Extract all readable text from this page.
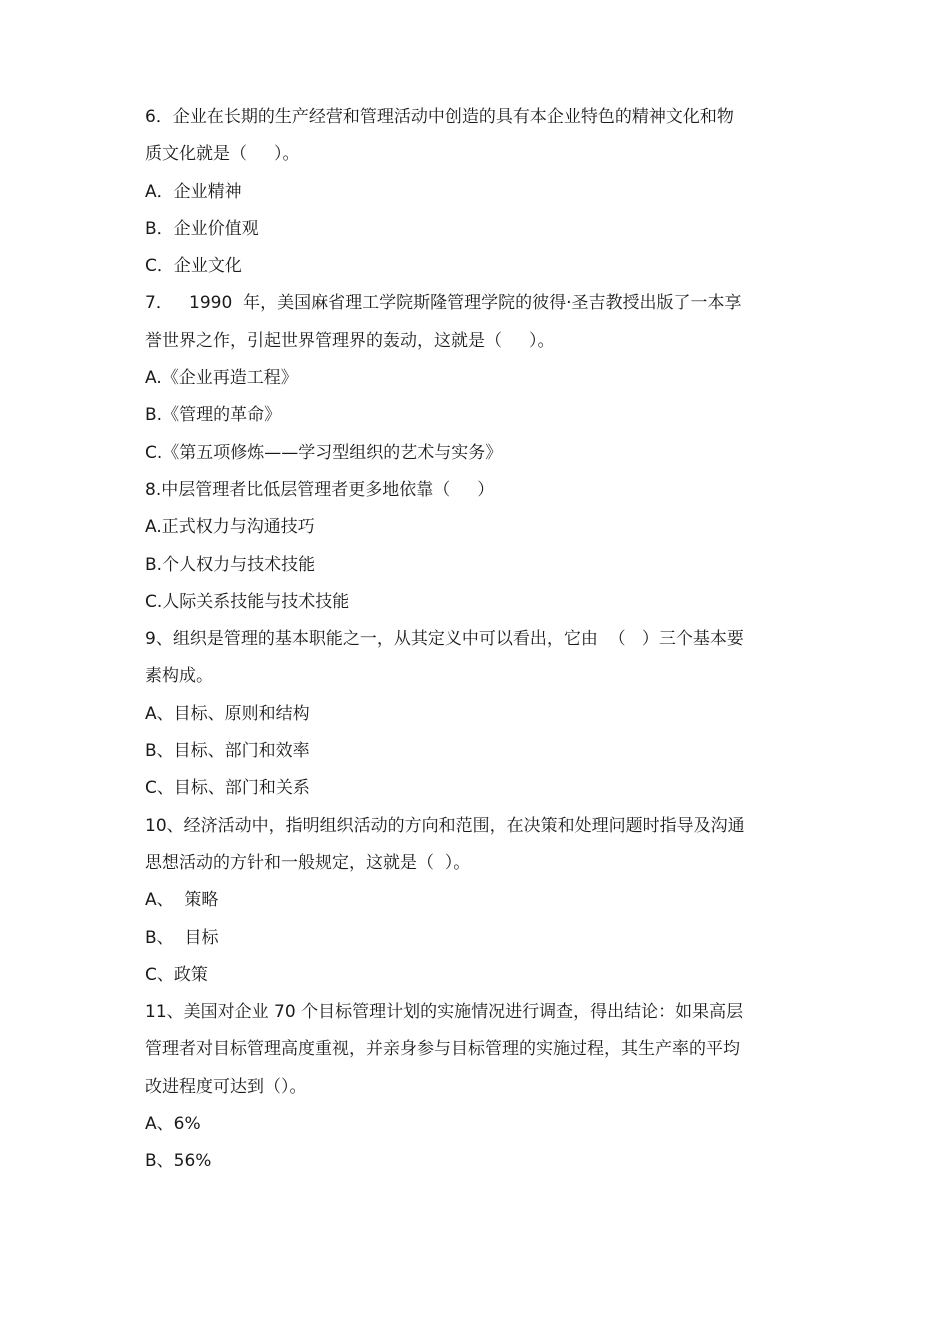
6．企业在长期的生产经营和管理活动中创造的具有本企业特色的精神文化和物
质文化就是（     ）。
A．企业精神
B．企业价值观
C．企业文化
7．   1990  年，美国麻省理工学院斯隆管理学院的彼得·圣吉教授出版了一本享
誉世界之作，引起世界管理界的轰动，这就是（     ）。
A.《企业再造工程》
B.《管理的革命》
C.《第五项修炼——学习型组织的艺术与实务》
8.中层管理者比低层管理者更多地依靠（     ）
A.正式权力与沟通技巧
B.个人权力与技术技能
C.人际关系技能与技术技能
9、组织是管理的基本职能之一，从其定义中可以看出，它由  （   ）三个基本要
素构成。
A、目标、原则和结构
B、目标、部门和效率
C、目标、部门和关系
10、经济活动中，指明组织活动的方向和范围，在决策和处理问题时指导及沟通
思想活动的方针和一般规定，这就是（  ）。
A、  策略
B、  目标
C、政策
11、美国对企业 70 个目标管理计划的实施情况进行调查，得出结论：如果高层
管理者对目标管理高度重视，并亲身参与目标管理的实施过程，其生产率的平均
改进程度可达到（）。
A、6%
B、56%
